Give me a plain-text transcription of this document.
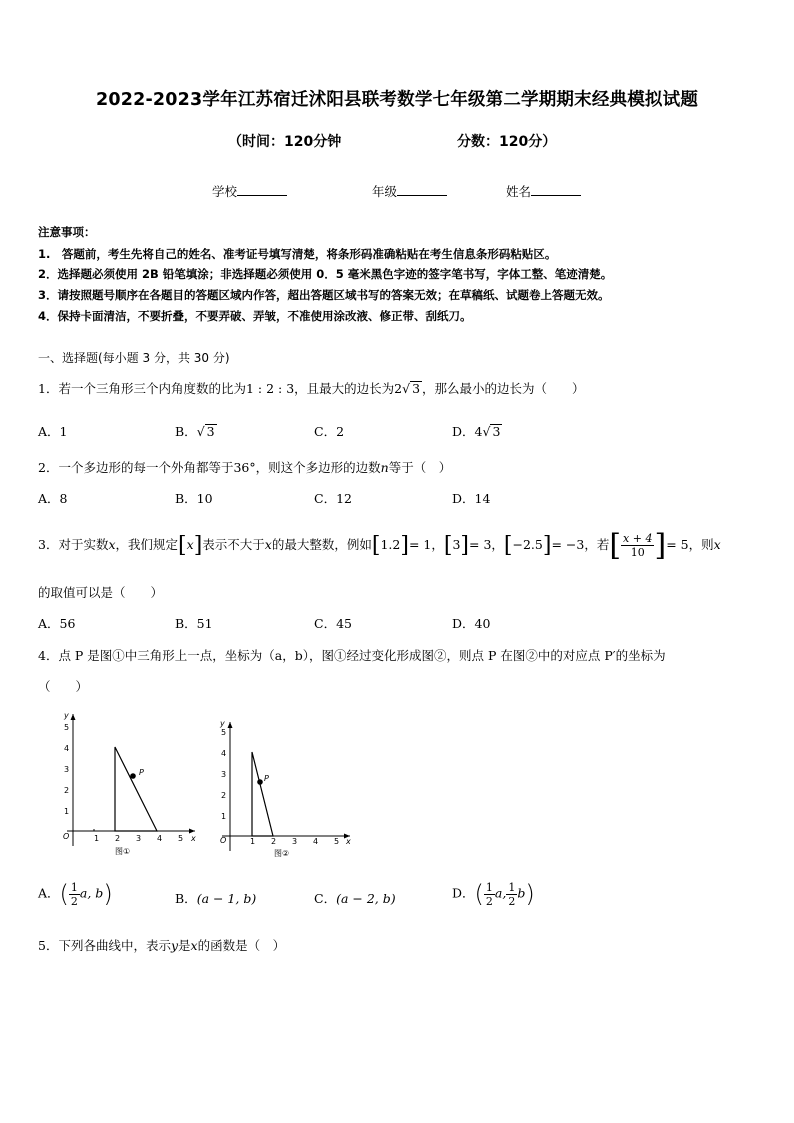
2022-2023学年江苏宿迁沭阳县联考数学七年级第二学期期末经典模拟试题
（时间：120分钟	分数：120分）
学校	年级	姓名
注意事项：
1.　答题前，考生先将自己的姓名、准考证号填写清楚，将条形码准确粘贴在考生信息条形码粘贴区。
2．选择题必须使用 2B 铅笔填涂；非选择题必须使用 0．5 毫米黑色字迹的签字笔书写，字体工整、笔迹清楚。
3．请按照题号顺序在各题目的答题区域内作答，超出答题区域书写的答案无效；在草稿纸、试题卷上答题无效。
4．保持卡面清洁，不要折叠，不要弄破、弄皱，不准使用涂改液、修正带、刮纸刀。
一、选择题(每小题 3 分，共 30 分)
1．若一个三角形三个内角度数的比为1 : 2 : 3，且最大的边长为2√ 3 ，那么最小的边长为（　　）
A．1	B．√ 3	C．2	D．4√ 3
2．一个多边形的每一个外角都等于36°，则这个多边形的边数n等于（　）
A．8	B．10	C．12	D．14
3．对于实数x，我们规定[x]表示不大于x的最大整数，例如[1.2]= 1，[3]= 3，[−2.5]= −3，若[ $\frac{x + 4}{10}$ ]= 5，则x
的取值可以是（　　）
A．56	B．51	C．45	D．40
4．点 P 是图①中三角形上一点，坐标为（a，b），图①经过变化形成图②，则点 P 在图②中的对应点 P′的坐标为
（　　）
y
x
O	1 2 3 4 5
1
2
3
4
5
P
图①
y
x
O	1 2 3 4 5
1
2
3
4
5
P
图②
A．( $\frac{1}{2} a$, b)	B．(a − 1, b)	C．(a − 2, b)	D．( $\frac{1}{2} a$, $\frac{1}{2} b$)
5．下列各曲线中，表示y是x的函数是（　）
